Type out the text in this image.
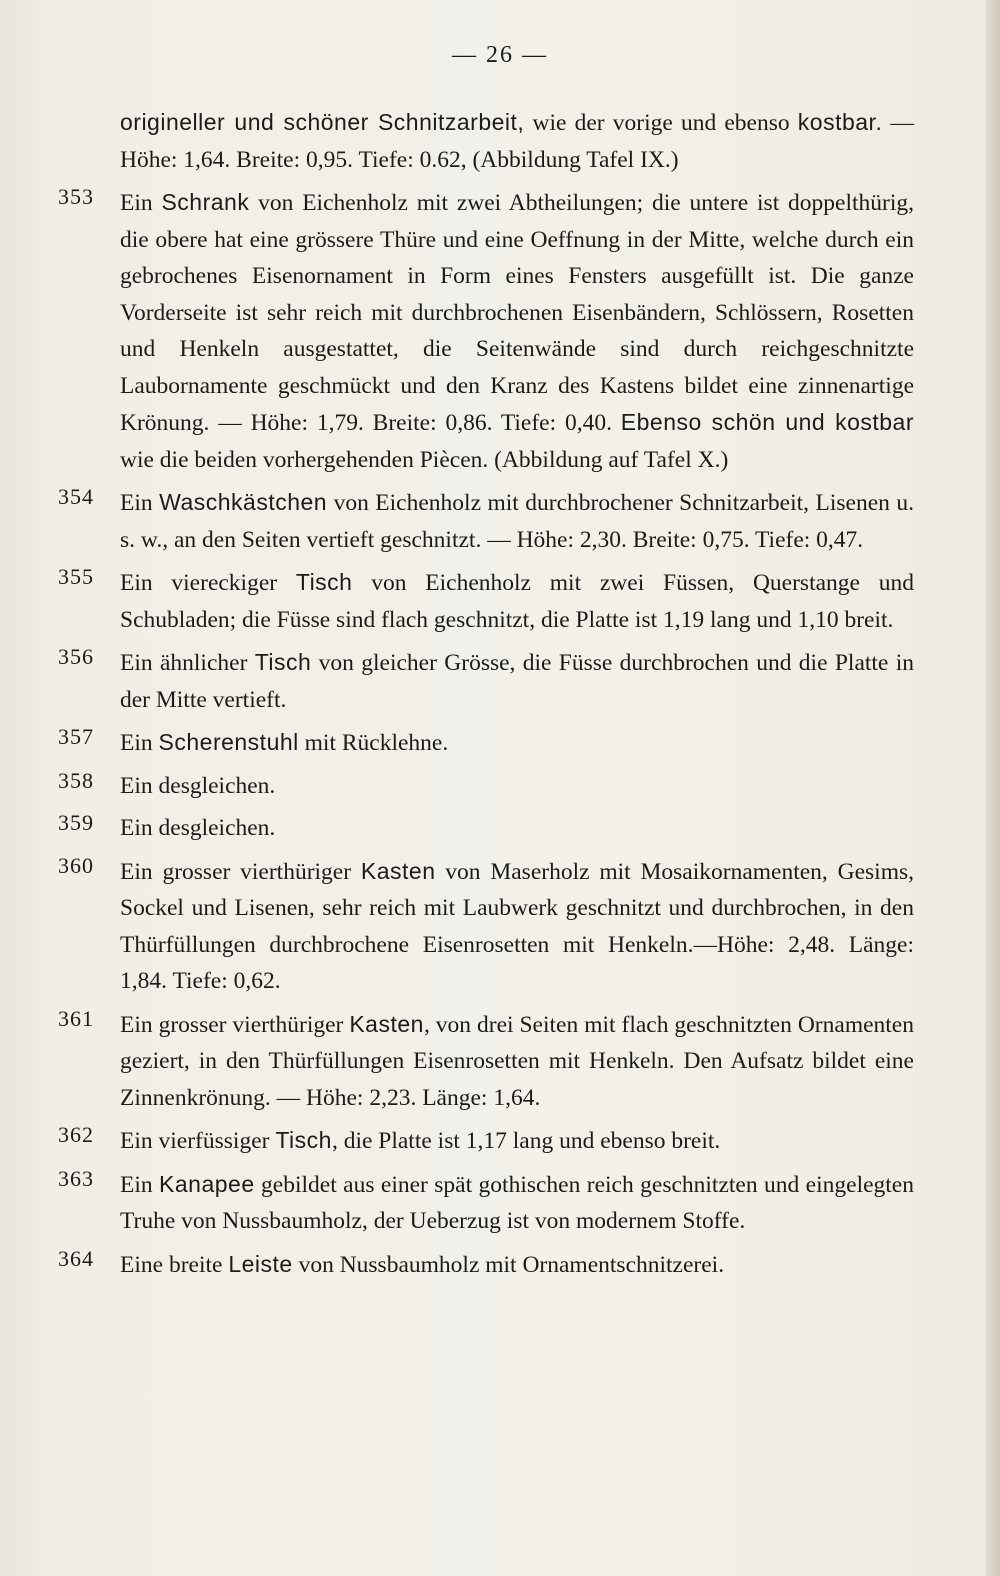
— 26 —
origineller und schöner Schnitzarbeit, wie der vorige und ebenso kostbar. — Höhe: 1,64. Breite: 0,95. Tiefe: 0.62, (Abbildung Tafel IX.)
353	Ein Schrank von Eichenholz mit zwei Abtheilungen; die untere ist doppelthürig, die obere hat eine grössere Thüre und eine Oeffnung in der Mitte, welche durch ein gebrochenes Eisenornament in Form eines Fensters ausgefüllt ist. Die ganze Vorderseite ist sehr reich mit durchbrochenen Eisenbändern, Schlössern, Rosetten und Henkeln ausgestattet, die Seitenwände sind durch reichgeschnitzte Laubornamente geschmückt und den Kranz des Kastens bildet eine zinnenartige Krönung. — Höhe: 1,79. Breite: 0,86. Tiefe: 0,40. Ebenso schön und kostbar wie die beiden vorhergehenden Piècen. (Abbildung auf Tafel X.)
354	Ein Waschkästchen von Eichenholz mit durchbrochener Schnitzarbeit, Lisenen u. s. w., an den Seiten vertieft geschnitzt. — Höhe: 2,30. Breite: 0,75. Tiefe: 0,47.
355	Ein viereckiger Tisch von Eichenholz mit zwei Füssen, Querstange und Schubladen; die Füsse sind flach geschnitzt, die Platte ist 1,19 lang und 1,10 breit.
356	Ein ähnlicher Tisch von gleicher Grösse, die Füsse durchbrochen und die Platte in der Mitte vertieft.
357	Ein Scherenstuhl mit Rücklehne.
358	Ein desgleichen.
359	Ein desgleichen.
360	Ein grosser vierthüriger Kasten von Maserholz mit Mosaikornamenten, Gesims, Sockel und Lisenen, sehr reich mit Laubwerk geschnitzt und durchbrochen, in den Thürfüllungen durchbrochene Eisenrosetten mit Henkeln.—Höhe: 2,48. Länge: 1,84. Tiefe: 0,62.
361	Ein grosser vierthüriger Kasten, von drei Seiten mit flach geschnitzten Ornamenten geziert, in den Thürfüllungen Eisenrosetten mit Henkeln. Den Aufsatz bildet eine Zinnenkrönung. — Höhe: 2,23. Länge: 1,64.
362	Ein vierfüssiger Tisch, die Platte ist 1,17 lang und ebenso breit.
363	Ein Kanapee gebildet aus einer spät gothischen reich geschnitzten und eingelegten Truhe von Nussbaumholz, der Ueberzug ist von modernem Stoffe.
364	Eine breite Leiste von Nussbaumholz mit Ornamentschnitzerei.
